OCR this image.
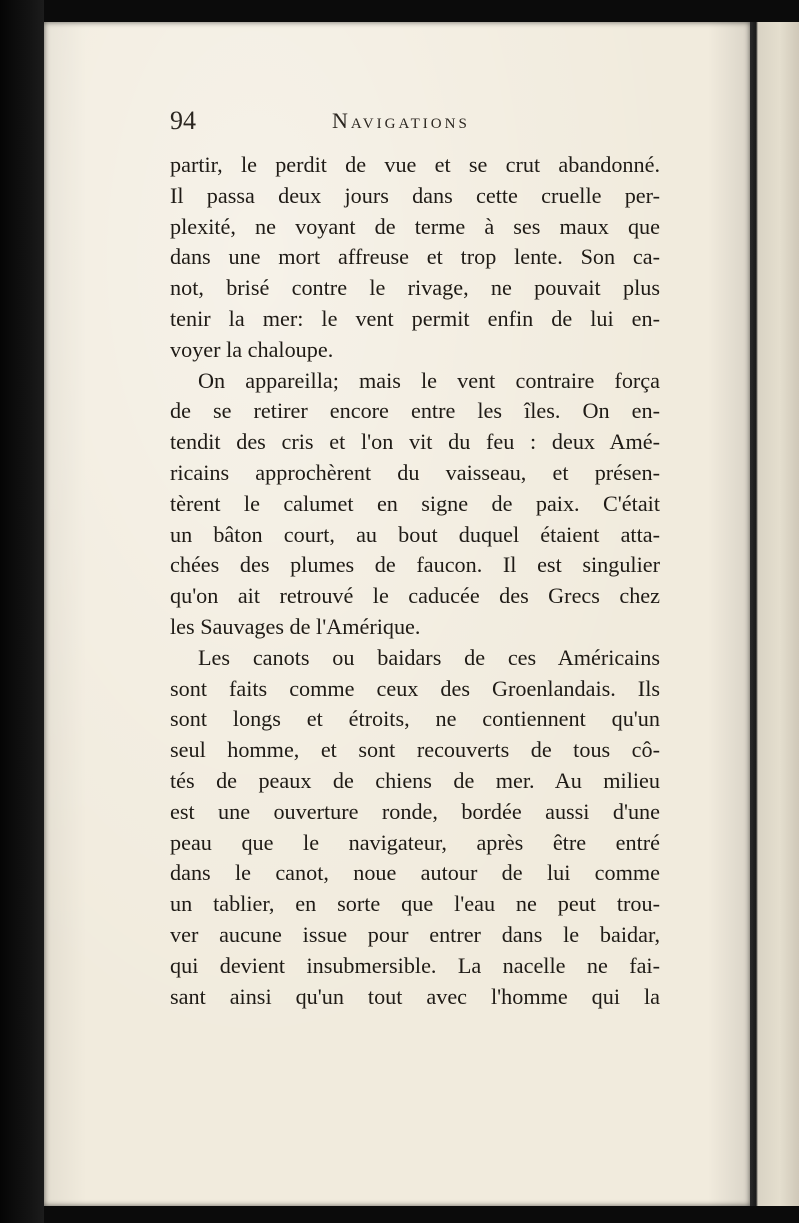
94	Navigations
partir, le perdit de vue et se crut abandonné.
Il passa deux jours dans cette cruelle per-
plexité, ne voyant de terme à ses maux que
dans une mort affreuse et trop lente. Son ca-
not, brisé contre le rivage, ne pouvait plus
tenir la mer: le vent permit enfin de lui en-
voyer la chaloupe.
On appareilla; mais le vent contraire força
de se retirer encore entre les îles. On en-
tendit des cris et l'on vit du feu : deux Amé-
ricains approchèrent du vaisseau, et présen-
tèrent le calumet en signe de paix. C'était
un bâton court, au bout duquel étaient atta-
chées des plumes de faucon. Il est singulier
qu'on ait retrouvé le caducée des Grecs chez
les Sauvages de l'Amérique.
Les canots ou baidars de ces Américains
sont faits comme ceux des Groenlandais. Ils
sont longs et étroits, ne contiennent qu'un
seul homme, et sont recouverts de tous cô-
tés de peaux de chiens de mer. Au milieu
est une ouverture ronde, bordée aussi d'une
peau que le navigateur, après être entré
dans le canot, noue autour de lui comme
un tablier, en sorte que l'eau ne peut trou-
ver aucune issue pour entrer dans le baidar,
qui devient insubmersible. La nacelle ne fai-
sant ainsi qu'un tout avec l'homme qui la
